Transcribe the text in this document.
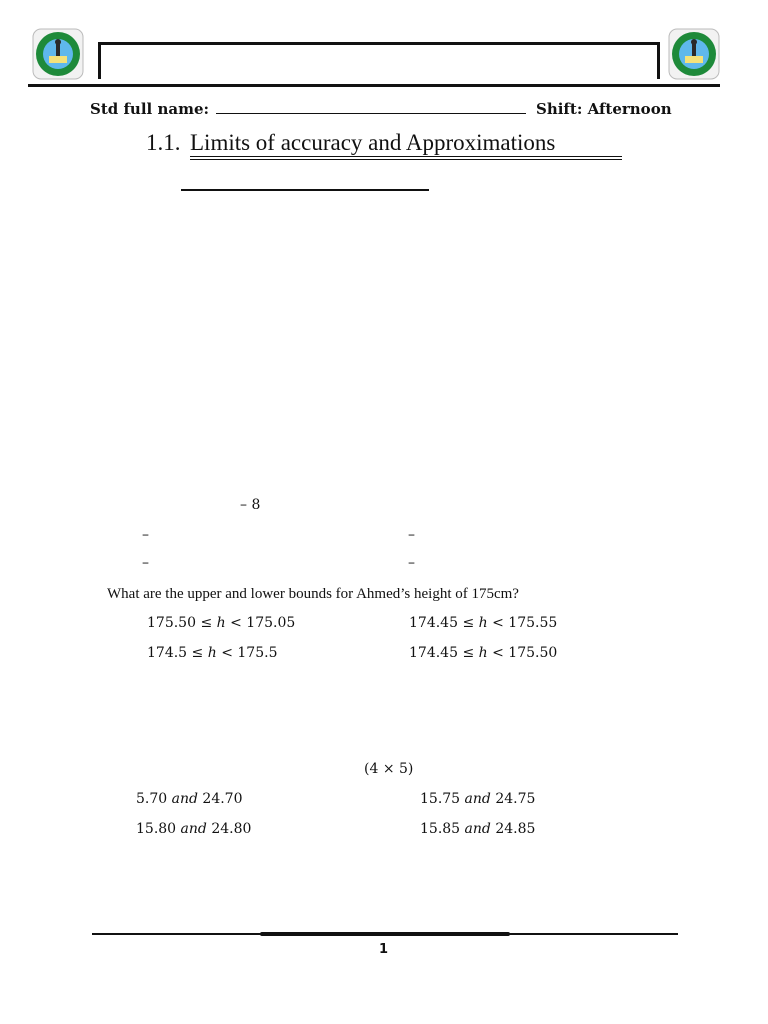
Std full name:	Shift: Afternoon
1.1. Limits of accuracy and Approximations
– 8
–	–
–	–
What are the upper and lower bounds for Ahmed’s height of 175cm?
175.50 ≤ h < 175.05	174.45 ≤ h < 175.55
174.5 ≤ h < 175.5	174.45 ≤ h < 175.50
(4 × 5)
5.70 and 24.70	15.75 and 24.75
15.80 and 24.80	15.85 and 24.85
1
